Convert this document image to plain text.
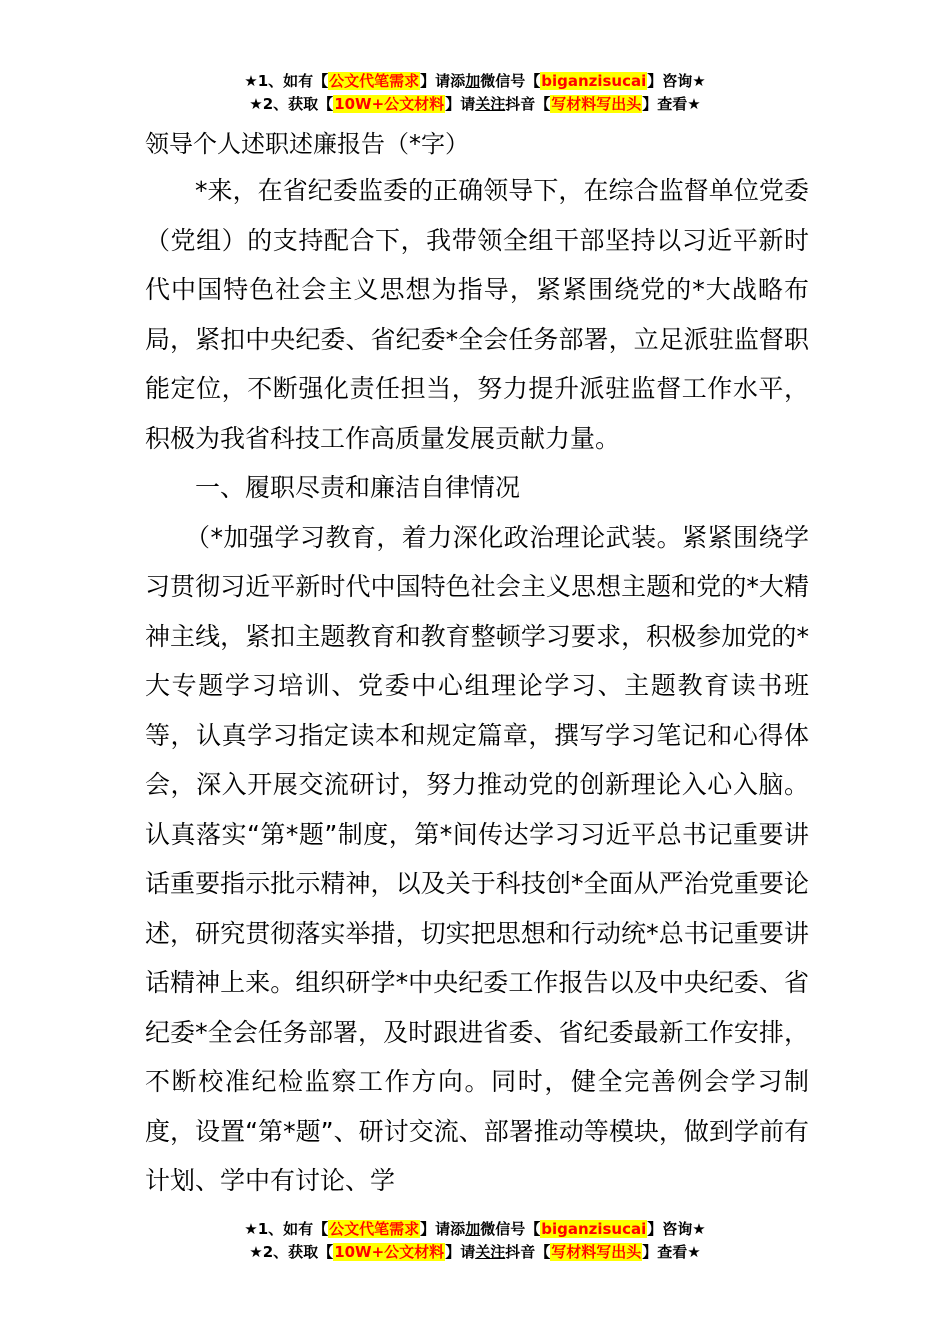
★1、如有【公文代笔需求】请添加微信号【biganzisucai】咨询★
★2、获取【10W+公文材料】请关注抖音【写材料写出头】查看★
领导个人述职述廉报告（*字）

*来，在省纪委监委的正确领导下，在综合监督单位党委（党组）的支持配合下，我带领全组干部坚持以习近平新时代中国特色社会主义思想为指导，紧紧围绕党的*大战略布局，紧扣中央纪委、省纪委*全会任务部署，立足派驻监督职能定位，不断强化责任担当，努力提升派驻监督工作水平，积极为我省科技工作高质量发展贡献力量。

一、履职尽责和廉洁自律情况

（*加强学习教育，着力深化政治理论武装。紧紧围绕学习贯彻习近平新时代中国特色社会主义思想主题和党的*大精神主线，紧扣主题教育和教育整顿学习要求，积极参加党的*大专题学习培训、党委中心组理论学习、主题教育读书班等，认真学习指定读本和规定篇章，撰写学习笔记和心得体会，深入开展交流研讨，努力推动党的创新理论入心入脑。认真落实“第*题”制度，第*间传达学习习近平总书记重要讲话重要指示批示精神，以及关于科技创*全面从严治党重要论述，研究贯彻落实举措，切实把思想和行动统*总书记重要讲话精神上来。组织研学*中央纪委工作报告以及中央纪委、省纪委*全会任务部署，及时跟进省委、省纪委最新工作安排，不断校准纪检监察工作方向。同时，健全完善例会学习制度，设置“第*题”、研讨交流、部署推动等模块，做到学前有计划、学中有讨论、学

★1、如有【公文代笔需求】请添加微信号【biganzisucai】咨询★
★2、获取【10W+公文材料】请关注抖音【写材料写出头】查看★
